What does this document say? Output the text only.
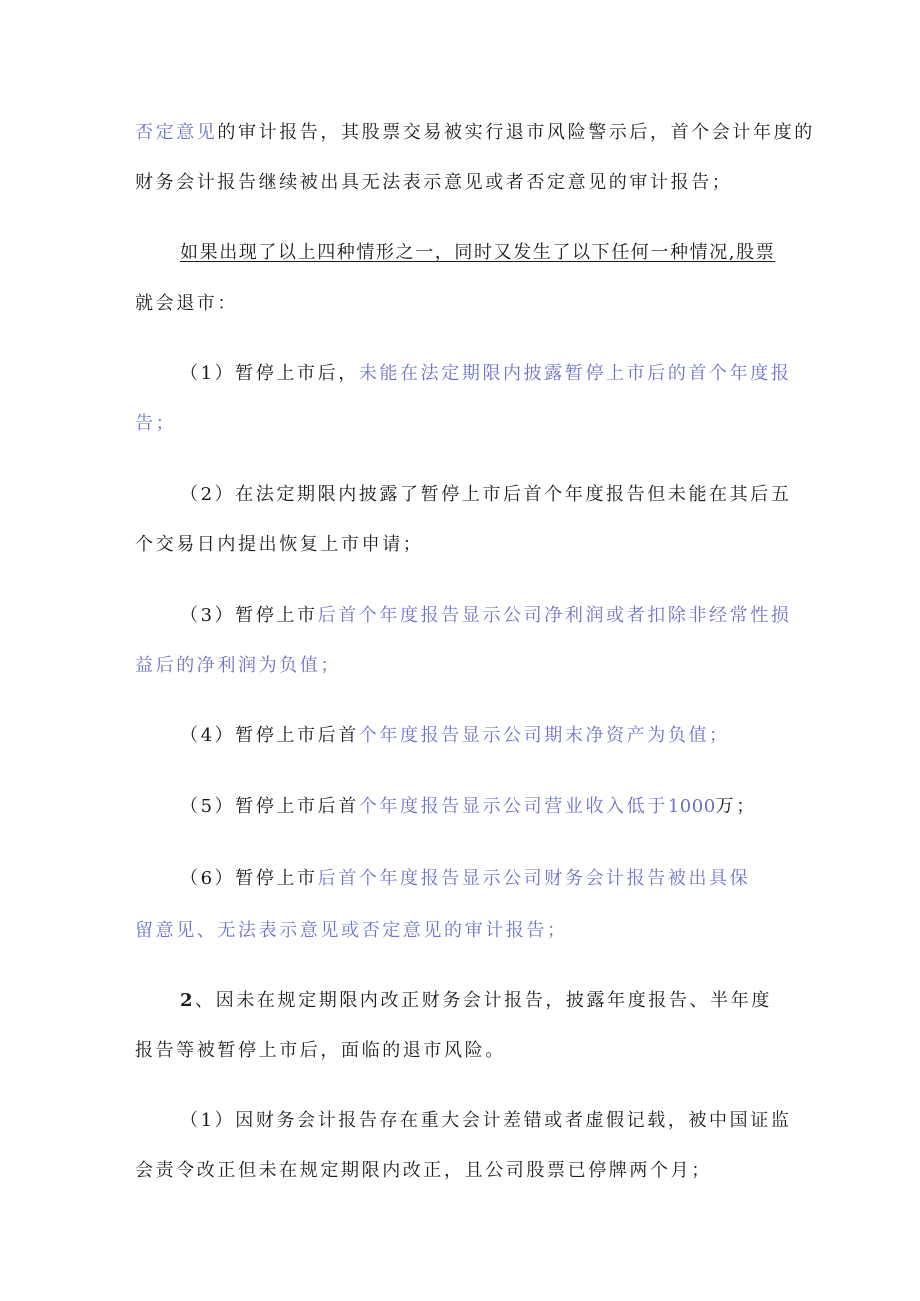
否定意见的审计报告，其股票交易被实行退市风险警示后，首个会计年度的
财务会计报告继续被出具无法表示意见或者否定意见的审计报告；
如果出现了以上四种情形之一，同时又发生了以下任何一种情况,股票
就会退市：
（1）暂停上市后，未能在法定期限内披露暂停上市后的首个年度报
告；
（2）在法定期限内披露了暂停上市后首个年度报告但未能在其后五
个交易日内提出恢复上市申请；
（3）暂停上市后首个年度报告显示公司净利润或者扣除非经常性损
益后的净利润为负值；
（4）暂停上市后首个年度报告显示公司期末净资产为负值；
（5）暂停上市后首个年度报告显示公司营业收入低于1000万；
（6）暂停上市后首个年度报告显示公司财务会计报告被出具保
留意见、无法表示意见或否定意见的审计报告；
2、因未在规定期限内改正财务会计报告，披露年度报告、半年度
报告等被暂停上市后，面临的退市风险。
（1）因财务会计报告存在重大会计差错或者虚假记载，被中国证监
会责令改正但未在规定期限内改正，且公司股票已停牌两个月；
